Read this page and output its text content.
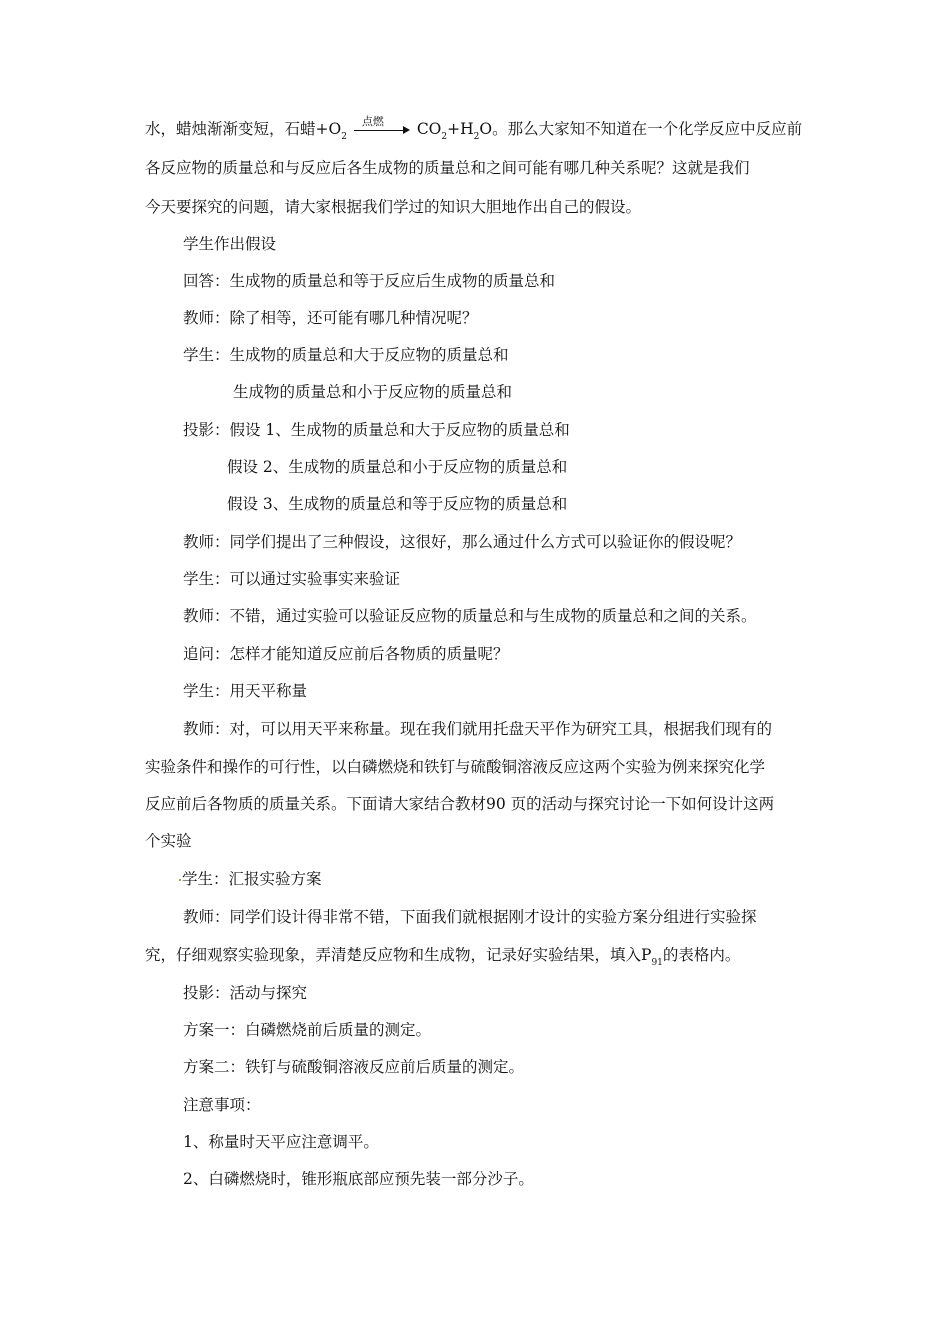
水，蜡烛渐渐变短，石蜡$+O_2$
点燃 $CO_2+H_2O$。那么大家知不知道在一个化学反应中反应前
各反应物的质量总和与反应后各生成物的质量总和之间可能有哪几种关系呢？这就是我们
今天要探究的问题，请大家根据我们学过的知识大胆地作出自己的假设。
学生作出假设
回答：生成物的质量总和等于反应后生成物的质量总和
教师：除了相等，还可能有哪几种情况呢？
学生：生成物的质量总和大于反应物的质量总和
生成物的质量总和小于反应物的质量总和
投影：假设 1、生成物的质量总和大于反应物的质量总和
假设 2、生成物的质量总和小于反应物的质量总和
假设 3、生成物的质量总和等于反应物的质量总和
教师：同学们提出了三种假设，这很好，那么通过什么方式可以验证你的假设呢？
学生：可以通过实验事实来验证
教师：不错，通过实验可以验证反应物的质量总和与生成物的质量总和之间的关系。
追问：怎样才能知道反应前后各物质的质量呢？
学生：用天平称量
教师：对，可以用天平来称量。现在我们就用托盘天平作为研究工具，根据我们现有的
实验条件和操作的可行性，以白磷燃烧和铁钉与硫酸铜溶液反应这两个实验为例来探究化学
反应前后各物质的质量关系。下面请大家结合教材90 页的活动与探究讨论一下如何设计这两
个实验
学生：汇报实验方案
教师：同学们设计得非常不错，下面我们就根据刚才设计的实验方案分组进行实验探
究，仔细观察实验现象，弄清楚反应物和生成物，记录好实验结果，填入$P_{91}$的表格内。
投影：活动与探究
方案一：白磷燃烧前后质量的测定。
方案二：铁钉与硫酸铜溶液反应前后质量的测定。
注意事项：
1、称量时天平应注意调平。
2、白磷燃烧时，锥形瓶底部应预先装一部分沙子。
